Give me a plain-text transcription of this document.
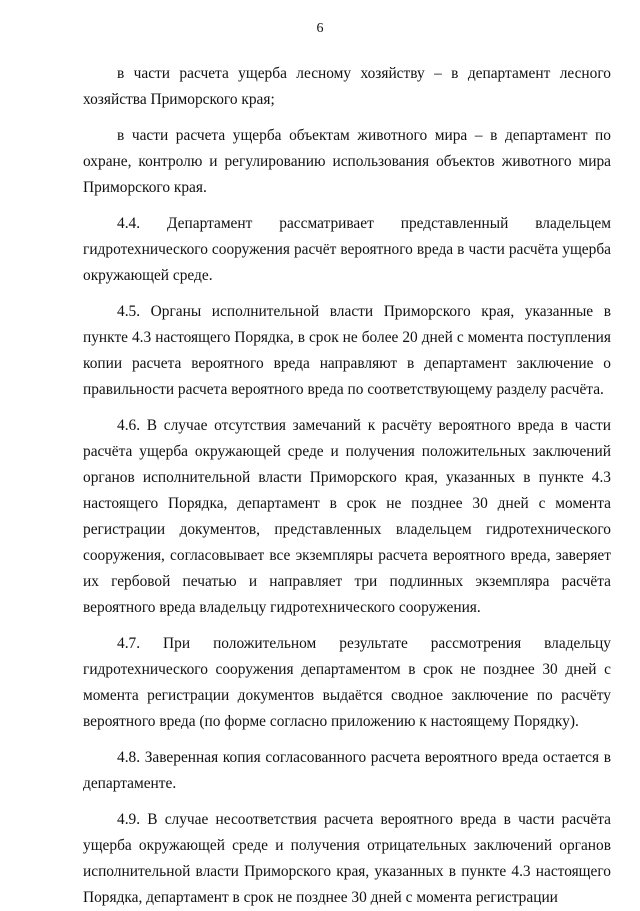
6

в части расчета ущерба лесному хозяйству – в департамент лесного хозяйства Приморского края;

в части расчета ущерба объектам животного мира – в департамент по охране, контролю и регулированию использования объектов животного мира Приморского края.

4.4. Департамент рассматривает представленный владельцем гидротехнического сооружения расчёт вероятного вреда в части расчёта ущерба окружающей среде.

4.5. Органы исполнительной власти Приморского края, указанные в пункте 4.3 настоящего Порядка, в срок не более 20 дней с момента поступления копии расчета вероятного вреда направляют в департамент заключение о правильности расчета вероятного вреда по соответствующему разделу расчёта.

4.6. В случае отсутствия замечаний к расчёту вероятного вреда в части расчёта ущерба окружающей среде и получения положительных заключений органов исполнительной власти Приморского края, указанных в пункте 4.3 настоящего Порядка, департамент в срок не позднее 30 дней с момента регистрации документов, представленных владельцем гидротехнического сооружения, согласовывает все экземпляры расчета вероятного вреда, заверяет их гербовой печатью и направляет три подлинных экземпляра расчёта вероятного вреда владельцу гидротехнического сооружения.

4.7. При положительном результате рассмотрения владельцу гидротехнического сооружения департаментом в срок не позднее 30 дней с момента регистрации документов выдаётся сводное заключение по расчёту вероятного вреда (по форме согласно приложению к настоящему Порядку).

4.8. Заверенная копия согласованного расчета вероятного вреда остается в департаменте.

4.9. В случае несоответствия расчета вероятного вреда в части расчёта ущерба окружающей среде и получения отрицательных заключений органов исполнительной власти Приморского края, указанных в пункте 4.3 настоящего Порядка, департамент в срок не позднее 30 дней с момента регистрации
